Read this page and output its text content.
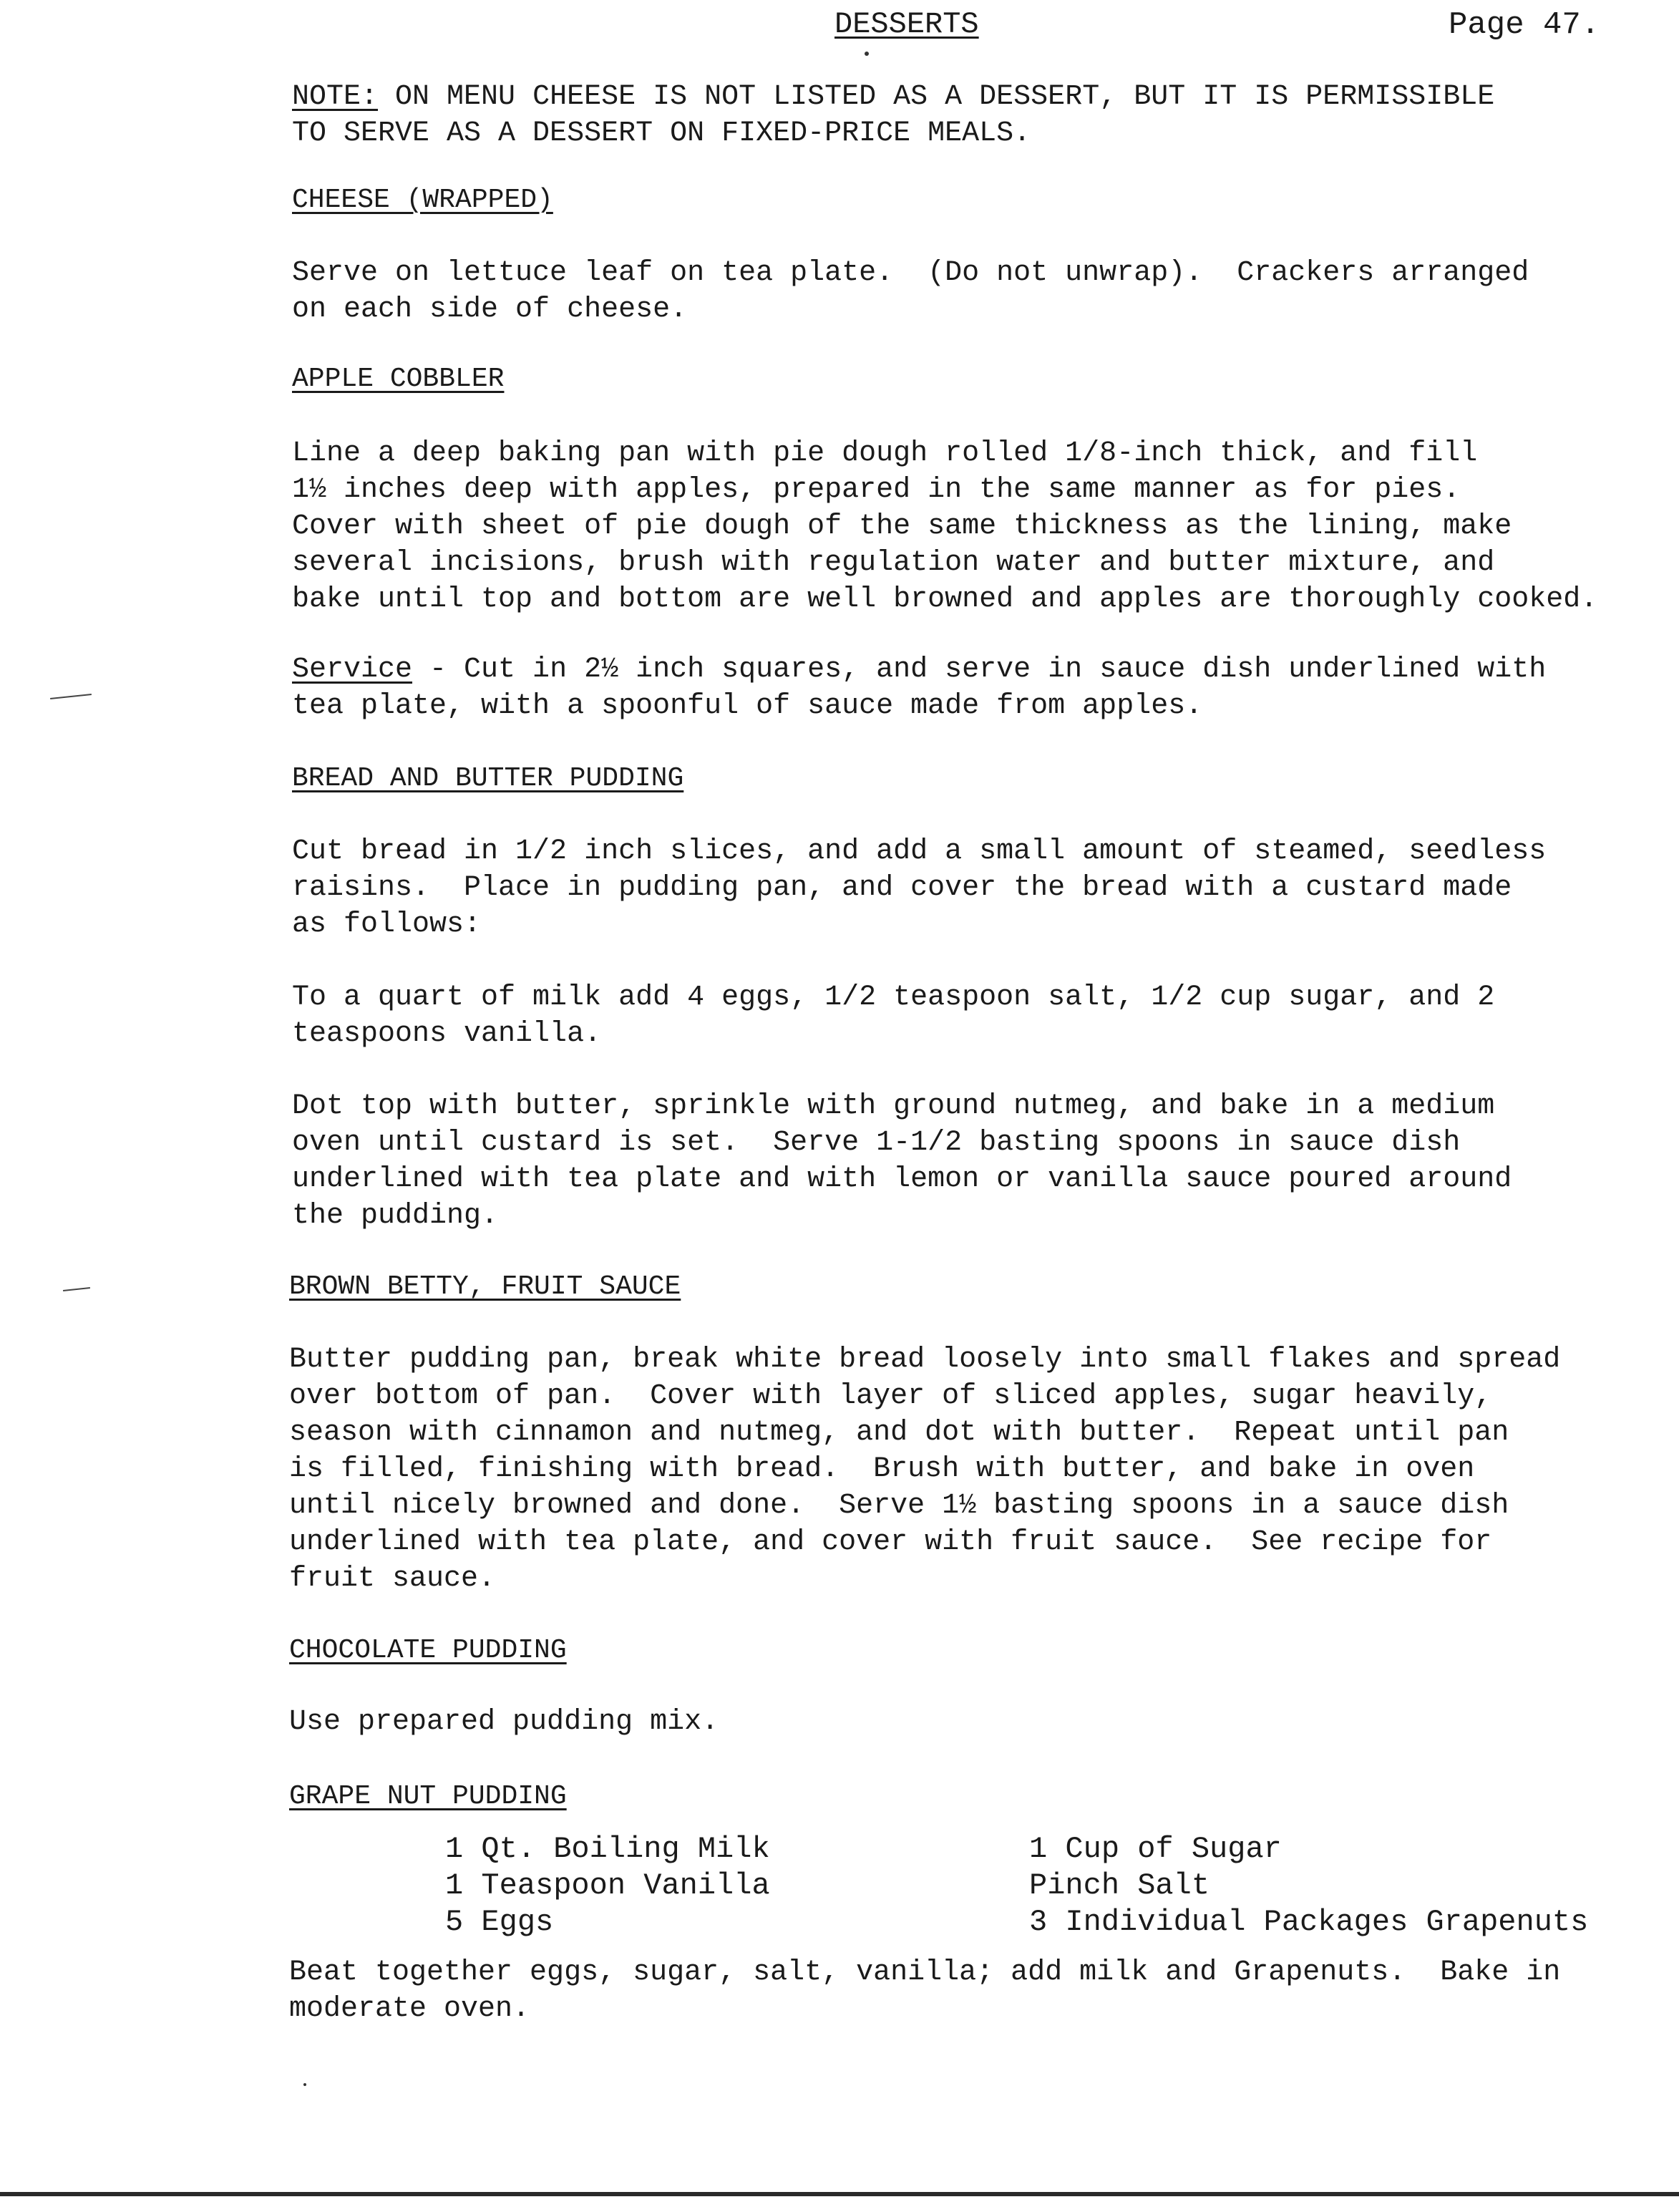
DESSERTS	Page 47.
NOTE: ON MENU CHEESE IS NOT LISTED AS A DESSERT, BUT IT IS PERMISSIBLE
TO SERVE AS A DESSERT ON FIXED-PRICE MEALS.
CHEESE (WRAPPED)
Serve on lettuce leaf on tea plate.  (Do not unwrap).  Crackers arranged
on each side of cheese.
APPLE COBBLER
Line a deep baking pan with pie dough rolled 1/8-inch thick, and fill
1½ inches deep with apples, prepared in the same manner as for pies.
Cover with sheet of pie dough of the same thickness as the lining, make
several incisions, brush with regulation water and butter mixture, and
bake until top and bottom are well browned and apples are thoroughly cooked.
Service - Cut in 2½ inch squares, and serve in sauce dish underlined with
tea plate, with a spoonful of sauce made from apples.
BREAD AND BUTTER PUDDING
Cut bread in 1/2 inch slices, and add a small amount of steamed, seedless
raisins.  Place in pudding pan, and cover the bread with a custard made
as follows:
To a quart of milk add 4 eggs, 1/2 teaspoon salt, 1/2 cup sugar, and 2
teaspoons vanilla.
Dot top with butter, sprinkle with ground nutmeg, and bake in a medium
oven until custard is set.  Serve 1-1/2 basting spoons in sauce dish
underlined with tea plate and with lemon or vanilla sauce poured around
the pudding.
BROWN BETTY, FRUIT SAUCE
Butter pudding pan, break white bread loosely into small flakes and spread
over bottom of pan.  Cover with layer of sliced apples, sugar heavily,
season with cinnamon and nutmeg, and dot with butter.  Repeat until pan
is filled, finishing with bread.  Brush with butter, and bake in oven
until nicely browned and done.  Serve 1½ basting spoons in a sauce dish
underlined with tea plate, and cover with fruit sauce.  See recipe for
fruit sauce.
CHOCOLATE PUDDING
Use prepared pudding mix.
GRAPE NUT PUDDING
1 Qt. Boiling Milk
1 Teaspoon Vanilla
5 Eggs
1 Cup of Sugar
Pinch Salt
3 Individual Packages Grapenuts
Beat together eggs, sugar, salt, vanilla; add milk and Grapenuts.  Bake in
moderate oven.
